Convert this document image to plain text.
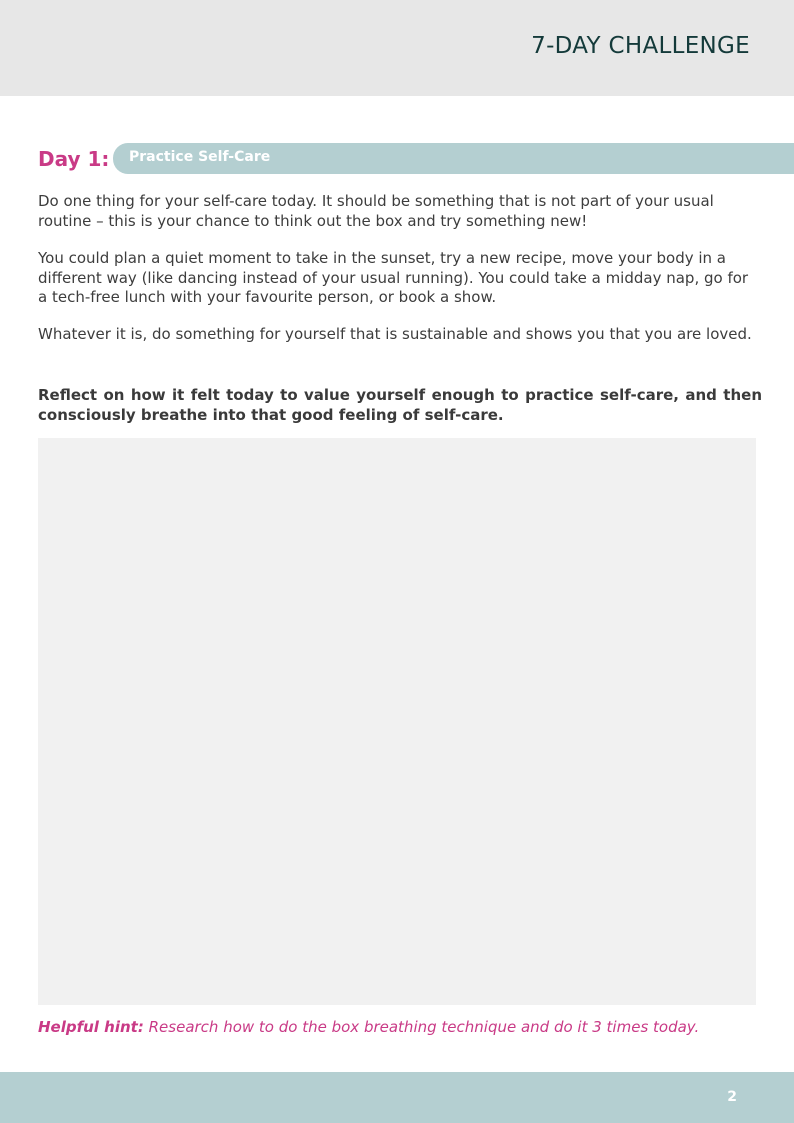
7-DAY CHALLENGE
Day 1: Practice Self-Care

Do one thing for your self-care today. It should be something that is not part of your usual routine – this is your chance to think out the box and try something new!

You could plan a quiet moment to take in the sunset, try a new recipe, move your body in a different way (like dancing instead of your usual running). You could take a midday nap, go for a tech-free lunch with your favourite person, or book a show.

Whatever it is, do something for yourself that is sustainable and shows you that you are loved.

Reflect on how it felt today to value yourself enough to practice self-care, and then consciously breathe into that good feeling of self-care.

Helpful hint: Research how to do the box breathing technique and do it 3 times today.
2
